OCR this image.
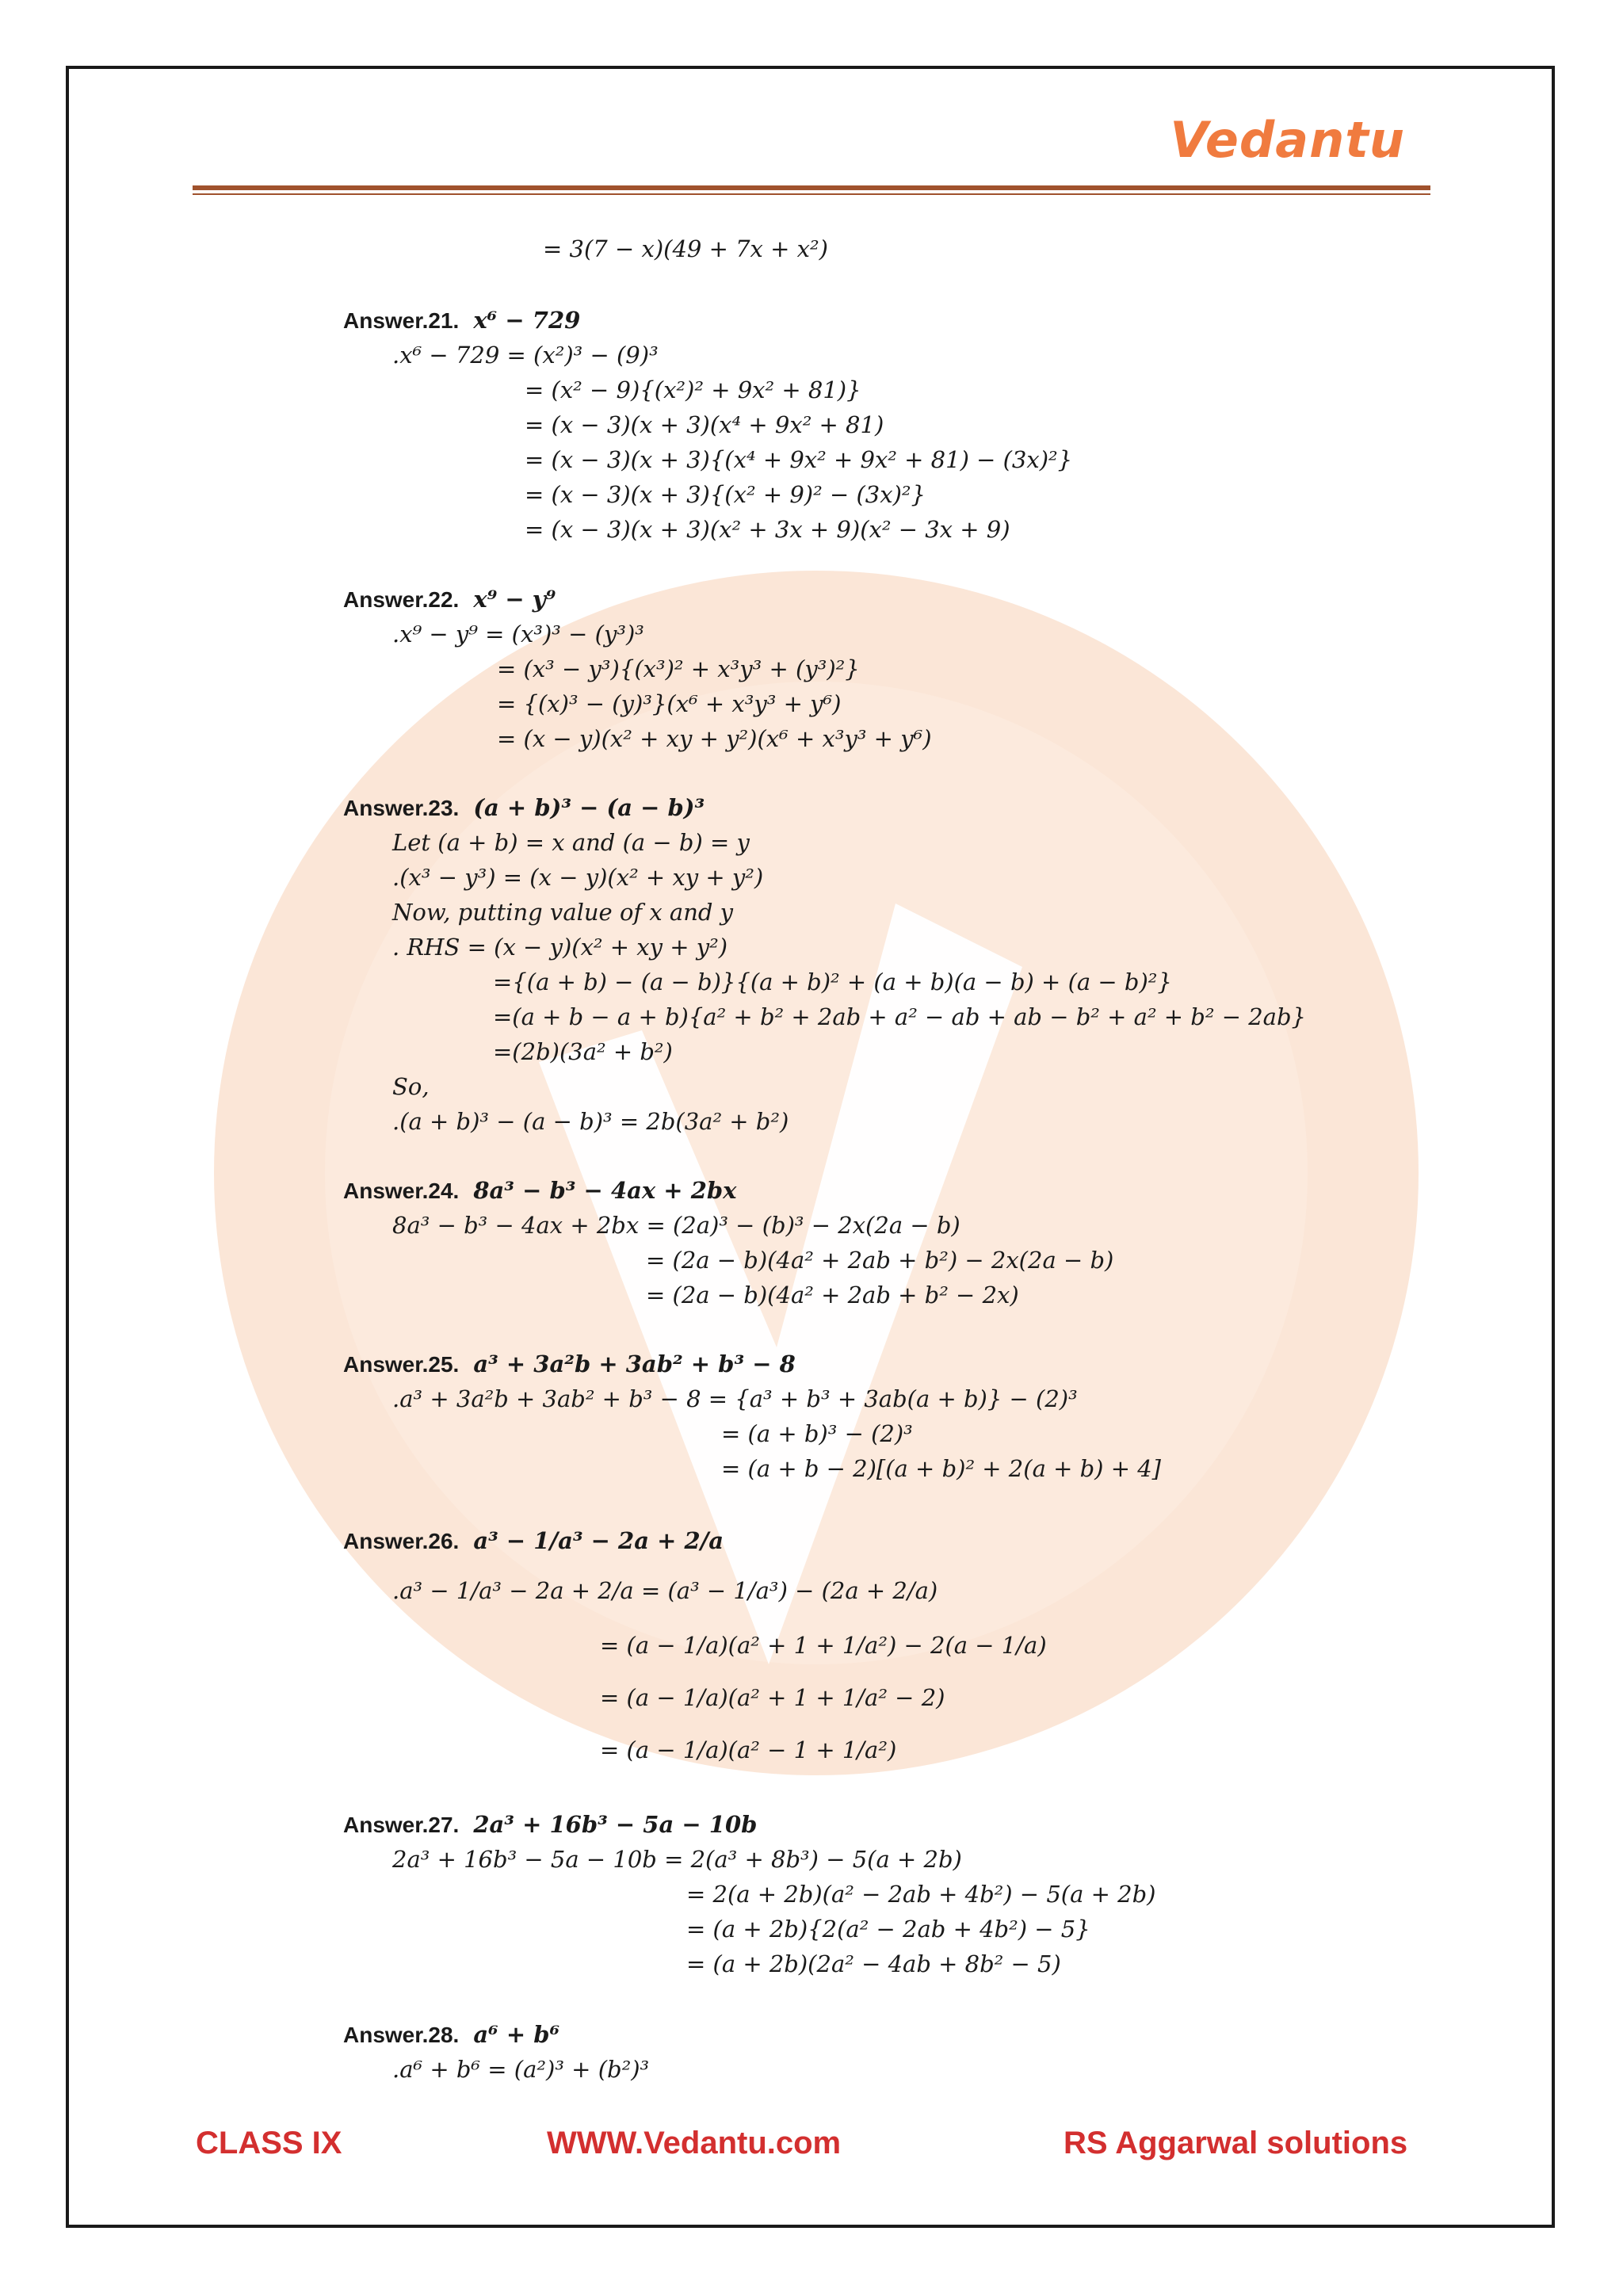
Vedantu
= 3(7 − x)(49 + 7x + x²)
Answer.21. x⁶ − 729
.x⁶ − 729 = (x²)³ − (9)³
= (x² − 9){(x²)² + 9x² + 81)}
= (x − 3)(x + 3)(x⁴ + 9x² + 81)
= (x − 3)(x + 3){(x⁴ + 9x² + 9x² + 81) − (3x)²}
= (x − 3)(x + 3){(x² + 9)² − (3x)²}
= (x − 3)(x + 3)(x² + 3x + 9)(x² − 3x + 9)
Answer.22. x⁹ − y⁹
.x⁹ − y⁹ = (x³)³ − (y³)³
= (x³ − y³){(x³)² + x³y³ + (y³)²}
= {(x)³ − (y)³}(x⁶ + x³y³ + y⁶)
= (x − y)(x² + xy + y²)(x⁶ + x³y³ + y⁶)
Answer.23. (a + b)³ − (a − b)³
Let (a + b) = x and (a − b) = y
.(x³ − y³) = (x − y)(x² + xy + y²)
Now, putting value of x and y
. RHS = (x − y)(x² + xy + y²)
={(a + b) − (a − b)}{(a + b)² + (a + b)(a − b) + (a − b)²}
=(a + b − a + b){a² + b² + 2ab + a² − ab + ab − b² + a² + b² − 2ab}
=(2b)(3a² + b²)
So,
.(a + b)³ − (a − b)³ = 2b(3a² + b²)
Answer.24. 8a³ − b³ − 4ax + 2bx
8a³ − b³ − 4ax + 2bx = (2a)³ − (b)³ − 2x(2a − b)
= (2a − b)(4a² + 2ab + b²) − 2x(2a − b)
= (2a − b)(4a² + 2ab + b² − 2x)
Answer.25. a³ + 3a²b + 3ab² + b³ − 8
.a³ + 3a²b + 3ab² + b³ − 8 = {a³ + b³ + 3ab(a + b)} − (2)³
= (a + b)³ − (2)³
= (a + b − 2)[(a + b)² + 2(a + b) + 4]
Answer.26. a³ − 1/a³ − 2a + 2/a
.a³ − 1/a³ − 2a + 2/a = (a³ − 1/a³) − (2a + 2/a)
= (a − 1/a)(a² + 1 + 1/a²) − 2(a − 1/a)
= (a − 1/a)(a² + 1 + 1/a² − 2)
= (a − 1/a)(a² − 1 + 1/a²)
Answer.27. 2a³ + 16b³ − 5a − 10b
2a³ + 16b³ − 5a − 10b = 2(a³ + 8b³) − 5(a + 2b)
= 2(a + 2b)(a² − 2ab + 4b²) − 5(a + 2b)
= (a + 2b){2(a² − 2ab + 4b²) − 5}
= (a + 2b)(2a² − 4ab + 8b² − 5)
Answer.28. a⁶ + b⁶
.a⁶ + b⁶ = (a²)³ + (b²)³
CLASS IX	WWW.Vedantu.com	RS Aggarwal solutions
